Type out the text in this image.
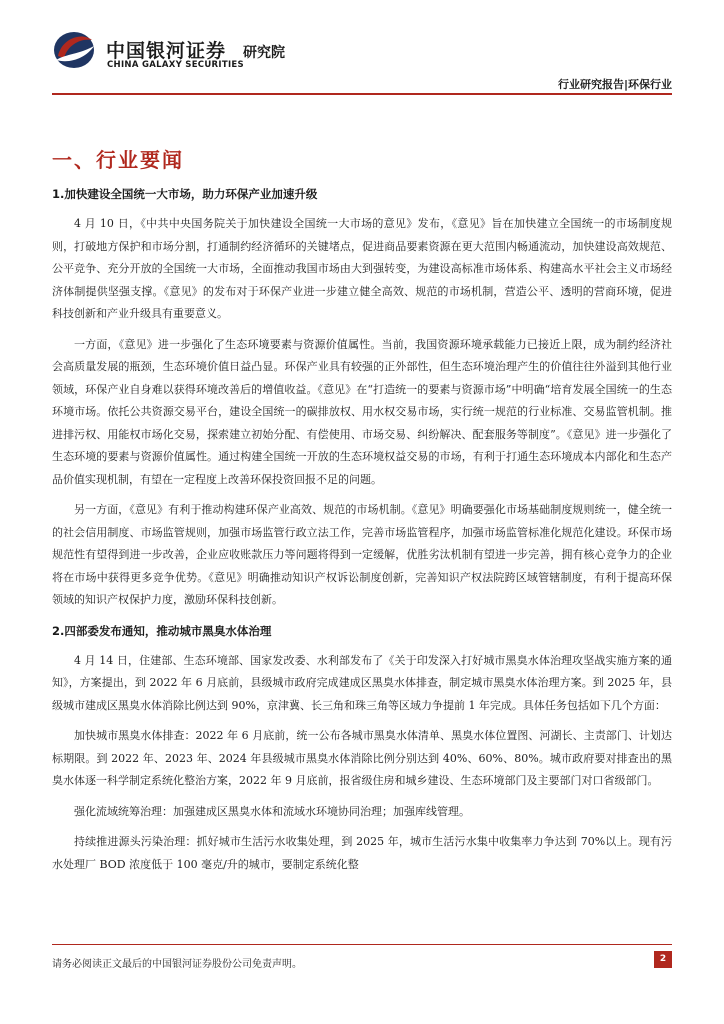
中国银河证券
CHINA GALAXY SECURITIES
研究院
行业研究报告|环保行业
一、行业要闻
1.加快建设全国统一大市场，助力环保产业加速升级

4 月 10 日，《中共中央国务院关于加快建设全国统一大市场的意见》发布，《意见》旨在加快建立全国统一的市场制度规则，打破地方保护和市场分割，打通制约经济循环的关键堵点，促进商品要素资源在更大范围内畅通流动，加快建设高效规范、公平竞争、充分开放的全国统一大市场，全面推动我国市场由大到强转变，为建设高标准市场体系、构建高水平社会主义市场经济体制提供坚强支撑。《意见》的发布对于环保产业进一步建立健全高效、规范的市场机制，营造公平、透明的营商环境，促进科技创新和产业升级具有重要意义。

一方面，《意见》进一步强化了生态环境要素与资源价值属性。当前，我国资源环境承载能力已接近上限，成为制约经济社会高质量发展的瓶颈，生态环境价值日益凸显。环保产业具有较强的正外部性，但生态环境治理产生的价值往往外溢到其他行业领域，环保产业自身难以获得环境改善后的增值收益。《意见》在“打造统一的要素与资源市场”中明确“培育发展全国统一的生态环境市场。依托公共资源交易平台，建设全国统一的碳排放权、用水权交易市场，实行统一规范的行业标准、交易监管机制。推进排污权、用能权市场化交易，探索建立初始分配、有偿使用、市场交易、纠纷解决、配套服务等制度”。《意见》进一步强化了生态环境的要素与资源价值属性。通过构建全国统一开放的生态环境权益交易的市场，有利于打通生态环境成本内部化和生态产品价值实现机制，有望在一定程度上改善环保投资回报不足的问题。

另一方面，《意见》有利于推动构建环保产业高效、规范的市场机制。《意见》明确要强化市场基础制度规则统一，健全统一的社会信用制度、市场监管规则，加强市场监管行政立法工作，完善市场监管程序，加强市场监管标准化规范化建设。环保市场规范性有望得到进一步改善，企业应收账款压力等问题将得到一定缓解，优胜劣汰机制有望进一步完善，拥有核心竞争力的企业将在市场中获得更多竞争优势。《意见》明确推动知识产权诉讼制度创新，完善知识产权法院跨区域管辖制度，有利于提高环保领域的知识产权保护力度，激励环保科技创新。

2.四部委发布通知，推动城市黑臭水体治理

4 月 14 日，住建部、生态环境部、国家发改委、水利部发布了《关于印发深入打好城市黑臭水体治理攻坚战实施方案的通知》，方案提出，到 2022 年 6 月底前，县级城市政府完成建成区黑臭水体排查，制定城市黑臭水体治理方案。到 2025 年，县级城市建成区黑臭水体消除比例达到 90%，京津冀、长三角和珠三角等区域力争提前 1 年完成。具体任务包括如下几个方面：

加快城市黑臭水体排查：2022 年 6 月底前，统一公布各城市黑臭水体清单、黑臭水体位置图、河湖长、主责部门、计划达标期限。到 2022 年、2023 年、2024 年县级城市黑臭水体消除比例分别达到 40%、60%、80%。城市政府要对排查出的黑臭水体逐一科学制定系统化整治方案，2022 年 9 月底前，报省级住房和城乡建设、生态环境部门及主要部门对口省级部门。

强化流域统筹治理：加强建成区黑臭水体和流域水环境协同治理；加强库线管理。

持续推进源头污染治理：抓好城市生活污水收集处理，到 2025 年，城市生活污水集中收集率力争达到 70%以上。现有污水处理厂 BOD 浓度低于 100 毫克/升的城市，要制定系统化整

请务必阅读正文最后的中国银河证券股份公司免责声明。	2
